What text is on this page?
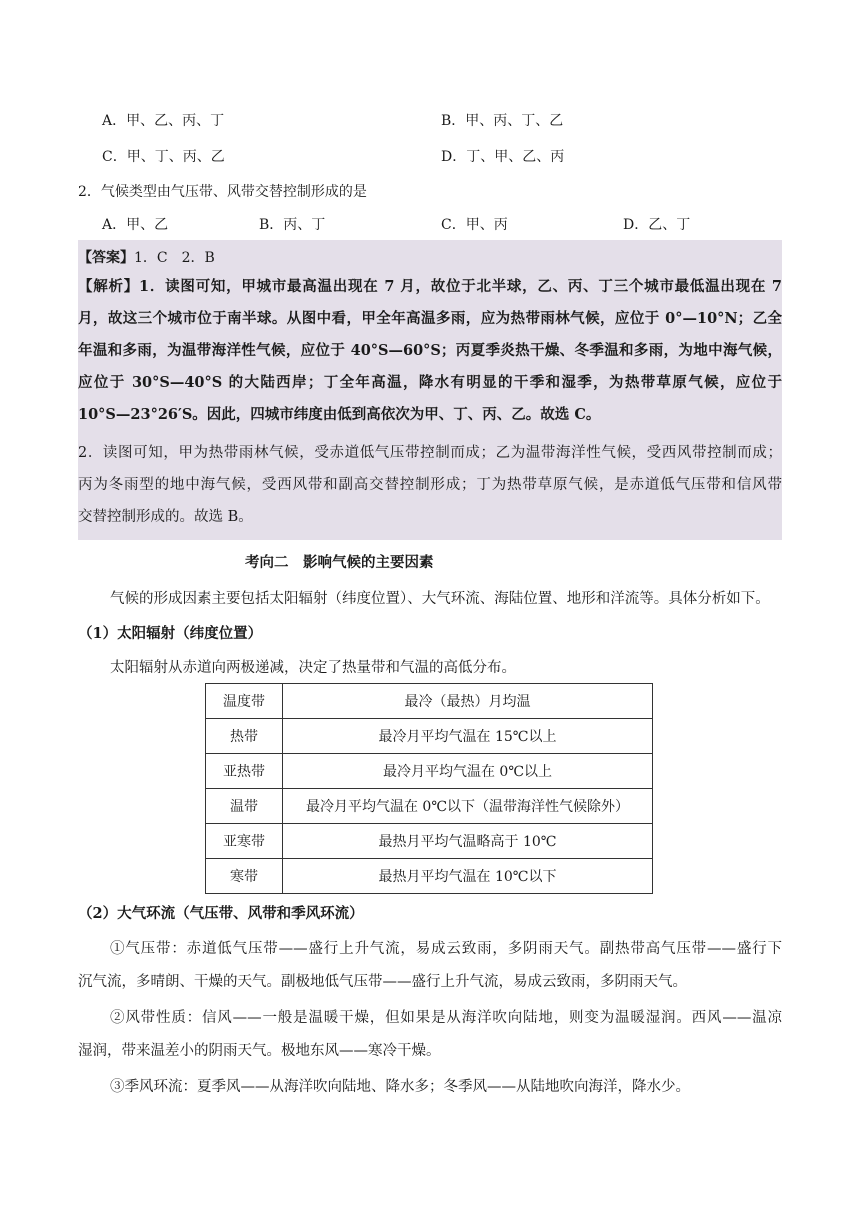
A．甲、乙、丙、丁	B．甲、丙、丁、乙
C．甲、丁、丙、乙	D．丁、甲、乙、丙
2．气候类型由气压带、风带交替控制形成的是
A．甲、乙	B．丙、丁	C．甲、丙	D．乙、丁
【答案】1．C　2．B
【解析】1．读图可知，甲城市最高温出现在 7 月，故位于北半球，乙、丙、丁三个城市最低温出现在 7
月，故这三个城市位于南半球。从图中看，甲全年高温多雨，应为热带雨林气候，应位于 0°—10°N；乙全
年温和多雨，为温带海洋性气候，应位于 40°S—60°S；丙夏季炎热干燥、冬季温和多雨，为地中海气候，
应位于 30°S—40°S 的大陆西岸；丁全年高温，降水有明显的干季和湿季，为热带草原气候，应位于
10°S—23°26′S。因此，四城市纬度由低到高依次为甲、丁、丙、乙。故选 C。
2．读图可知，甲为热带雨林气候，受赤道低气压带控制而成；乙为温带海洋性气候，受西风带控制而成；
丙为冬雨型的地中海气候，受西风带和副高交替控制形成；丁为热带草原气候，是赤道低气压带和信风带
交替控制形成的。故选 B。
考向二　影响气候的主要因素
气候的形成因素主要包括太阳辐射（纬度位置）、大气环流、海陆位置、地形和洋流等。具体分析如下。
（1）太阳辐射（纬度位置）
太阳辐射从赤道向两极递减，决定了热量带和气温的高低分布。
温度带	最冷（最热）月均温
热带	最冷月平均气温在 15℃以上
亚热带	最冷月平均气温在 0℃以上
温带	最冷月平均气温在 0℃以下（温带海洋性气候除外）
亚寒带	最热月平均气温略高于 10℃
寒带	最热月平均气温在 10℃以下
（2）大气环流（气压带、风带和季风环流）
①气压带：赤道低气压带——盛行上升气流，易成云致雨，多阴雨天气。副热带高气压带——盛行下
沉气流，多晴朗、干燥的天气。副极地低气压带——盛行上升气流，易成云致雨，多阴雨天气。
②风带性质：信风——一般是温暖干燥，但如果是从海洋吹向陆地，则变为温暖湿润。西风——温凉
湿润，带来温差小的阴雨天气。极地东风——寒冷干燥。
③季风环流：夏季风——从海洋吹向陆地、降水多；冬季风——从陆地吹向海洋，降水少。
